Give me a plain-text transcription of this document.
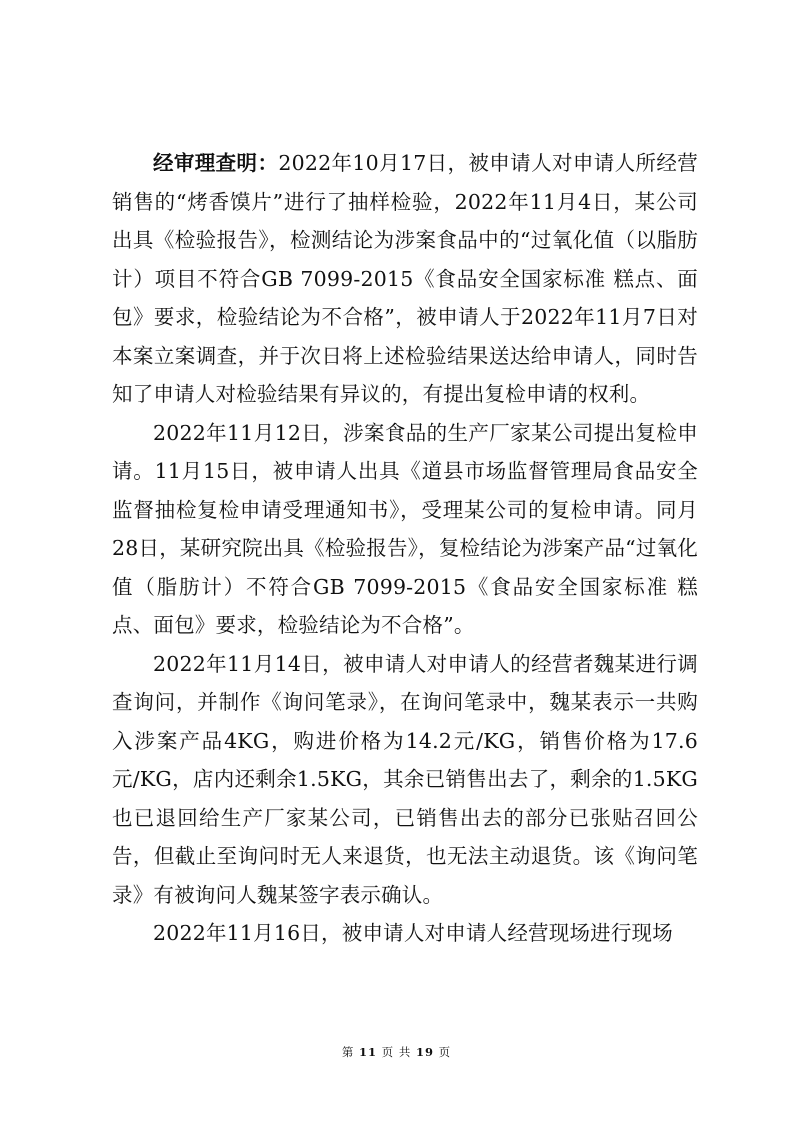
经审理查明：2022年10月17日，被申请人对申请人所经营销售的“烤香馍片”进行了抽样检验，2022年11月4日，某公司出具《检验报告》，检测结论为涉案食品中的“过氧化值（以脂肪计）项目不符合GB 7099-2015《食品安全国家标准 糕点、面包》要求，检验结论为不合格”，被申请人于2022年11月7日对本案立案调查，并于次日将上述检验结果送达给申请人，同时告知了申请人对检验结果有异议的，有提出复检申请的权利。

2022年11月12日，涉案食品的生产厂家某公司提出复检申请。11月15日，被申请人出具《道县市场监督管理局食品安全监督抽检复检申请受理通知书》，受理某公司的复检申请。同月28日，某研究院出具《检验报告》，复检结论为涉案产品“过氧化值（脂肪计）不符合GB 7099-2015《食品安全国家标准 糕点、面包》要求，检验结论为不合格”。

2022年11月14日，被申请人对申请人的经营者魏某进行调查询问，并制作《询问笔录》，在询问笔录中，魏某表示一共购入涉案产品4KG，购进价格为14.2元/KG，销售价格为17.6元/KG，店内还剩余1.5KG，其余已销售出去了，剩余的1.5KG也已退回给生产厂家某公司，已销售出去的部分已张贴召回公告，但截止至询问时无人来退货，也无法主动退货。该《询问笔录》有被询问人魏某签字表示确认。

2022年11月16日，被申请人对申请人经营现场进行现场

第 11 页 共 19 页
